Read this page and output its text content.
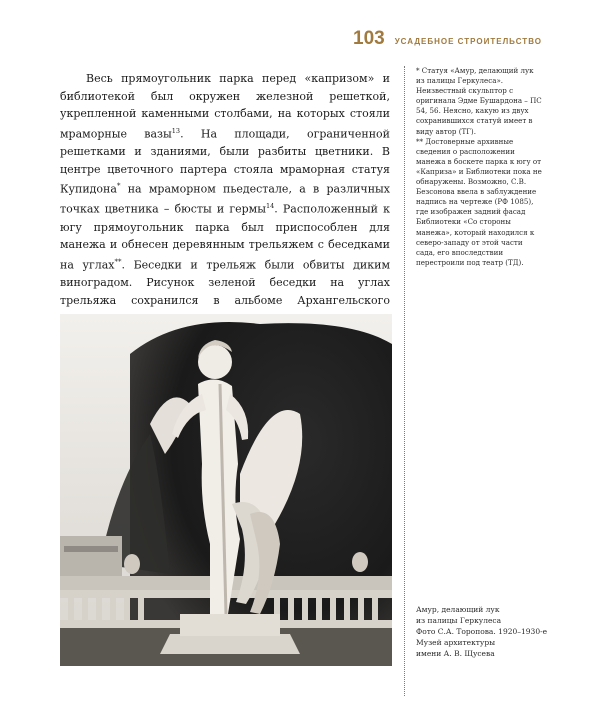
103 УСАДЕБНОЕ СТРОИТЕЛЬСТВО

Весь прямоугольник парка перед «капризом» и библиотекой был окружен железной решеткой, укрепленной каменными столбами, на которых стояли мраморные вазы$^{13}$. На площади, ограниченной решетками и зданиями, были разбиты цветники. В центре цветочного партера стояла мраморная статуя Купидона* на мраморном пьедестале, а в различных точках цветника – бюсты и гермы$^{14}$. Расположенный к югу прямоугольник парка был приспособлен для манежа и обнесен деревянным трельяжем с беседками на углах**. Беседки и трельяж были обвиты диким виноградом. Рисунок зеленой беседки на углах трельяжа сохранился в альбоме Архангельского

* Статуя «Амур, делающий лук из палицы Геркулеса». Неизвестный скульптор с оригинала Эдме Бушардона – ПС 54, 56. Неясно, какую из двух сохранившихся статуй имеет в виду автор (ТГ).

** Достоверные архивные сведения о расположении манежа в боскете парка к югу от «Каприза» и Библиотеки пока не обнаружены. Возможно, С.В. Безсонова ввела в заблуждение надпись на чертеже (РФ 1085), где изображен задний фасад Библиотеки «Со стороны манежа», который находился к северо-западу от этой части сада, его впоследствии перестроили под театр (ТД).

Амур, делающий лук
из палицы Геркулеса
Фото С.А. Торопова. 1920–1930-е
Музей архитектуры
имени А. В. Щусева
